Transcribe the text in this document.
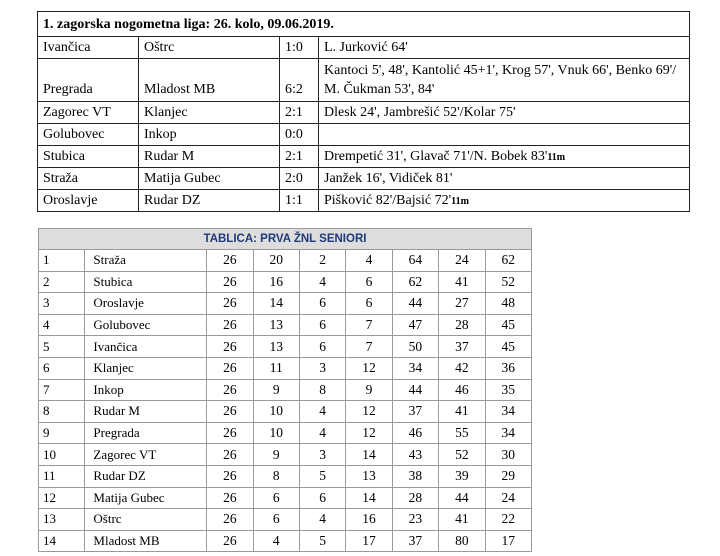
1. zagorska nogometna liga: 26. kolo, 09.06.2019.			
Ivančica	Oštrc	1:0	L. Jurković 64'
Pregrada	Mladost MB	6:2	Kantoci 5', 48', Kantolić 45+1', Krog 57', Vnuk 66', Benko 69'/ M. Čukman 53', 84'
Zagorec VT	Klanjec	2:1	Dlesk 24', Jambrešić 52'/Kolar 75'
Golubovec	Inkop	0:0	
Stubica	Rudar M	2:1	Drempetić 31', Glavač 71'/N. Bobek 83'11m
Straža	Matija Gubec	2:0	Janžek 16', Vidiček 81'
Oroslavje	Rudar DZ	1:1	Pišković 82'/Bajsić 72'11m
TABLICA: PRVA ŽNL SENIORI								
1	Straža	26	20	2	4	64	24	62
2	Stubica	26	16	4	6	62	41	52
3	Oroslavje	26	14	6	6	44	27	48
4	Golubovec	26	13	6	7	47	28	45
5	Ivančica	26	13	6	7	50	37	45
6	Klanjec	26	11	3	12	34	42	36
7	Inkop	26	9	8	9	44	46	35
8	Rudar M	26	10	4	12	37	41	34
9	Pregrada	26	10	4	12	46	55	34
10	Zagorec VT	26	9	3	14	43	52	30
11	Rudar DZ	26	8	5	13	38	39	29
12	Matija Gubec	26	6	6	14	28	44	24
13	Oštrc	26	6	4	16	23	41	22
14	Mladost MB	26	4	5	17	37	80	17
